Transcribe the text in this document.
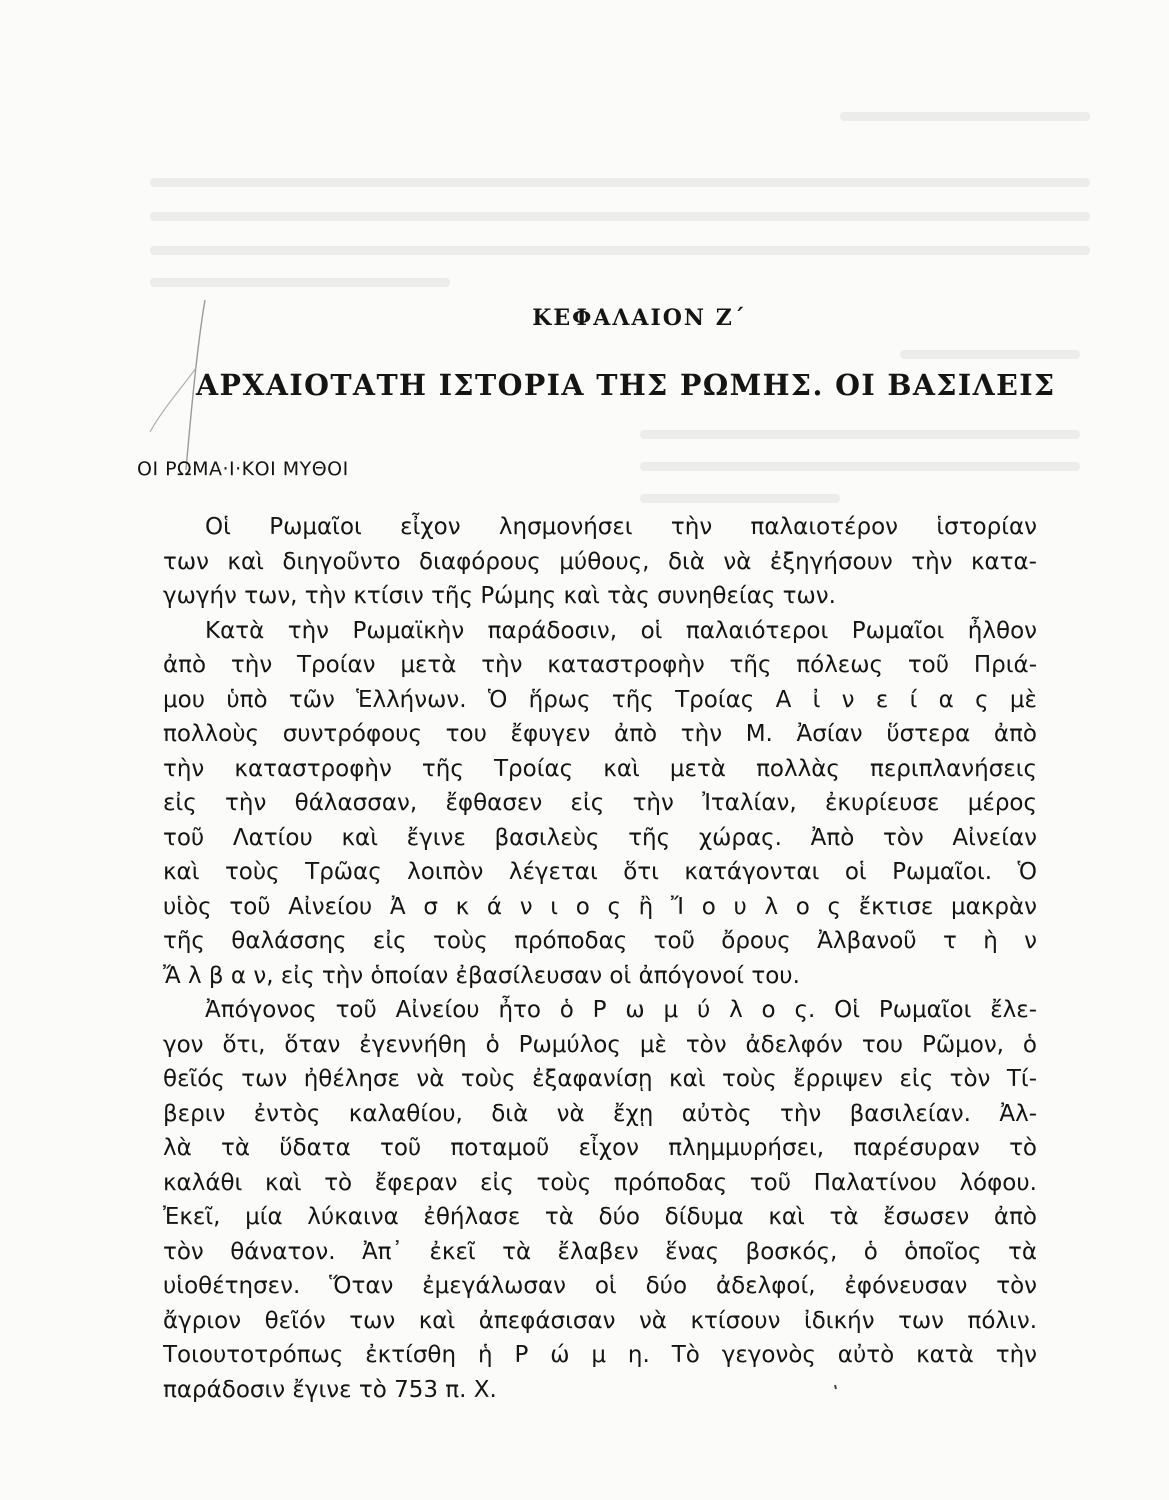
ΚΕΦΑΛΑΙΟΝ Ζ΄
ΑΡΧΑΙΟΤΑΤΗ ΙΣΤΟΡΙΑ ΤΗΣ ΡΩΜΗΣ. ΟΙ ΒΑΣΙΛΕΙΣ
ΟΙ ΡΩΜΑ·Ι·ΚΟΙ ΜΥΘΟΙ
Οἱ Ρωμαῖοι εἶχον λησμονήσει τὴν παλαιοτέρον ἱστορίαν
των καὶ διηγοῦντο διαφόρους μύθους, διὰ νὰ ἐξηγήσουν τὴν κατα-
γωγήν των, τὴν κτίσιν τῆς Ρώμης καὶ τὰς συνηθείας των.
Κατὰ τὴν Ρωμαϊκὴν παράδοσιν, οἱ παλαιότεροι Ρωμαῖοι ἦλθον
ἀπὸ τὴν Τροίαν μετὰ τὴν καταστροφὴν τῆς πόλεως τοῦ Πριά-
μου ὑπὸ τῶν Ἑλλήνων. Ὁ ἥρως τῆς Τροίας Α ἰ ν ε ί α ς μὲ
πολλοὺς συντρόφους του ἔφυγεν ἀπὸ τὴν Μ. Ἀσίαν ὕστερα ἀπὸ
τὴν καταστροφὴν τῆς Τροίας καὶ μετὰ πολλὰς περιπλανήσεις
εἰς τὴν θάλασσαν, ἔφθασεν εἰς τὴν Ἰταλίαν, ἐκυρίευσε μέρος
τοῦ Λατίου καὶ ἔγινε βασιλεὺς τῆς χώρας. Ἀπὸ τὸν Αἰνείαν
καὶ τοὺς Τρῶας λοιπὸν λέγεται ὅτι κατάγονται οἱ Ρωμαῖοι. Ὁ
υἱὸς τοῦ Αἰνείου Ἀ σ κ ά ν ι ο ς ἢ Ἴ ο υ λ ο ς ἔκτισε μακρὰν
τῆς θαλάσσης εἰς τοὺς πρόποδας τοῦ ὄρους Ἀλβανοῦ τ ὴ ν
Ἄ λ β α ν, εἰς τὴν ὁποίαν ἐβασίλευσαν οἱ ἀπόγονοί του.
Ἀπόγονος τοῦ Αἰνείου ἦτο ὁ Ρ ω μ ύ λ ο ς. Οἱ Ρωμαῖοι ἔλε-
γον ὅτι, ὅταν ἐγεννήθη ὁ Ρωμύλος μὲ τὸν ἀδελφόν του Ρῶμον, ὁ
θεῖός των ἠθέλησε νὰ τοὺς ἐξαφανίσῃ καὶ τοὺς ἔρριψεν εἰς τὸν Τί-
βεριν ἐντὸς καλαθίου, διὰ νὰ ἔχῃ αὐτὸς τὴν βασιλείαν. Ἀλ-
λὰ τὰ ὕδατα τοῦ ποταμοῦ εἶχον πλημμυρήσει, παρέσυραν τὸ
καλάθι καὶ τὸ ἔφεραν εἰς τοὺς πρόποδας τοῦ Παλατίνου λόφου.
Ἐκεῖ, μία λύκαινα ἐθήλασε τὰ δύο δίδυμα καὶ τὰ ἔσωσεν ἀπὸ
τὸν θάνατον. Ἀπ᾽ ἐκεῖ τὰ ἔλαβεν ἕνας βοσκός, ὁ ὁποῖος τὰ
υἱοθέτησεν. Ὅταν ἐμεγάλωσαν οἱ δύο ἀδελφοί, ἐφόνευσαν τὸν
ἄγριον θεῖόν των καὶ ἀπεφάσισαν νὰ κτίσουν ἰδικήν των πόλιν.
Τοιουτοτρόπως ἐκτίσθη ἡ Ρ ώ μ η. Τὸ γεγονὸς αὐτὸ κατὰ τὴν
παράδοσιν ἔγινε τὸ 753 π. Χ.
